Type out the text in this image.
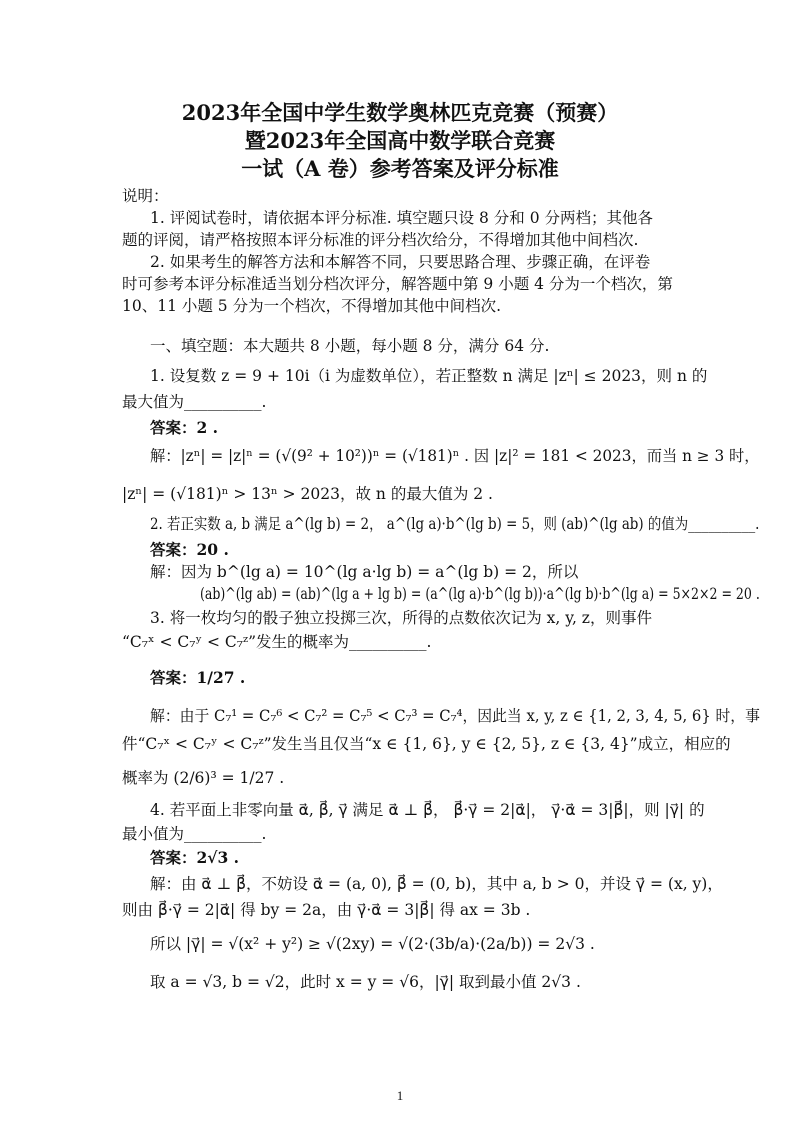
2023年全国中学生数学奥林匹克竞赛（预赛）
暨2023年全国高中数学联合竞赛
一试（A 卷）参考答案及评分标准
说明：
1. 评阅试卷时，请依据本评分标准. 填空题只设 8 分和 0 分两档；其他各
题的评阅，请严格按照本评分标准的评分档次给分，不得增加其他中间档次.
2. 如果考生的解答方法和本解答不同，只要思路合理、步骤正确，在评卷
时可参考本评分标准适当划分档次评分，解答题中第 9 小题 4 分为一个档次，第
10、11 小题 5 分为一个档次，不得增加其他中间档次.
一、填空题：本大题共 8 小题，每小题 8 分，满分 64 分.
1. 设复数 z = 9 + 10i（i 为虚数单位），若正整数 n 满足 |zⁿ| ≤ 2023，则 n 的
最大值为__________.
答案：2 .
解：|zⁿ| = |z|ⁿ = (√(9² + 10²))ⁿ = (√181)ⁿ . 因 |z|² = 181 < 2023，而当 n ≥ 3 时，
|zⁿ| = (√181)ⁿ > 13ⁿ > 2023，故 n 的最大值为 2 .
2. 若正实数 a, b 满足 a^(lg b) = 2， a^(lg a)·b^(lg b) = 5，则 (ab)^(lg ab) 的值为__________.
答案：20 .
解：因为 b^(lg a) = 10^(lg a·lg b) = a^(lg b) = 2，所以
(ab)^(lg ab) = (ab)^(lg a + lg b) = (a^(lg a)·b^(lg b))·a^(lg b)·b^(lg a) = 5×2×2 = 20 .
3. 将一枚均匀的骰子独立投掷三次，所得的点数依次记为 x, y, z，则事件
“C₇ˣ < C₇ʸ < C₇ᶻ”发生的概率为__________.
答案：1/27 .
解：由于 C₇¹ = C₇⁶ < C₇² = C₇⁵ < C₇³ = C₇⁴，因此当 x, y, z ∈ {1, 2, 3, 4, 5, 6} 时，事
件“C₇ˣ < C₇ʸ < C₇ᶻ”发生当且仅当“x ∈ {1, 6}, y ∈ {2, 5}, z ∈ {3, 4}”成立，相应的
概率为 (2/6)³ = 1/27 .
4. 若平面上非零向量 α⃗, β⃗, γ⃗ 满足 α⃗ ⊥ β⃗， β⃗·γ⃗ = 2|α⃗|， γ⃗·α⃗ = 3|β⃗|，则 |γ⃗| 的
最小值为__________.
答案：2√3 .
解：由 α⃗ ⊥ β⃗，不妨设 α⃗ = (a, 0), β⃗ = (0, b)，其中 a, b > 0，并设 γ⃗ = (x, y)，
则由 β⃗·γ⃗ = 2|α⃗| 得 by = 2a，由 γ⃗·α⃗ = 3|β⃗| 得 ax = 3b .
所以 |γ⃗| = √(x² + y²) ≥ √(2xy) = √(2·(3b/a)·(2a/b)) = 2√3 .
取 a = √3, b = √2，此时 x = y = √6，|γ⃗| 取到最小值 2√3 .
1
